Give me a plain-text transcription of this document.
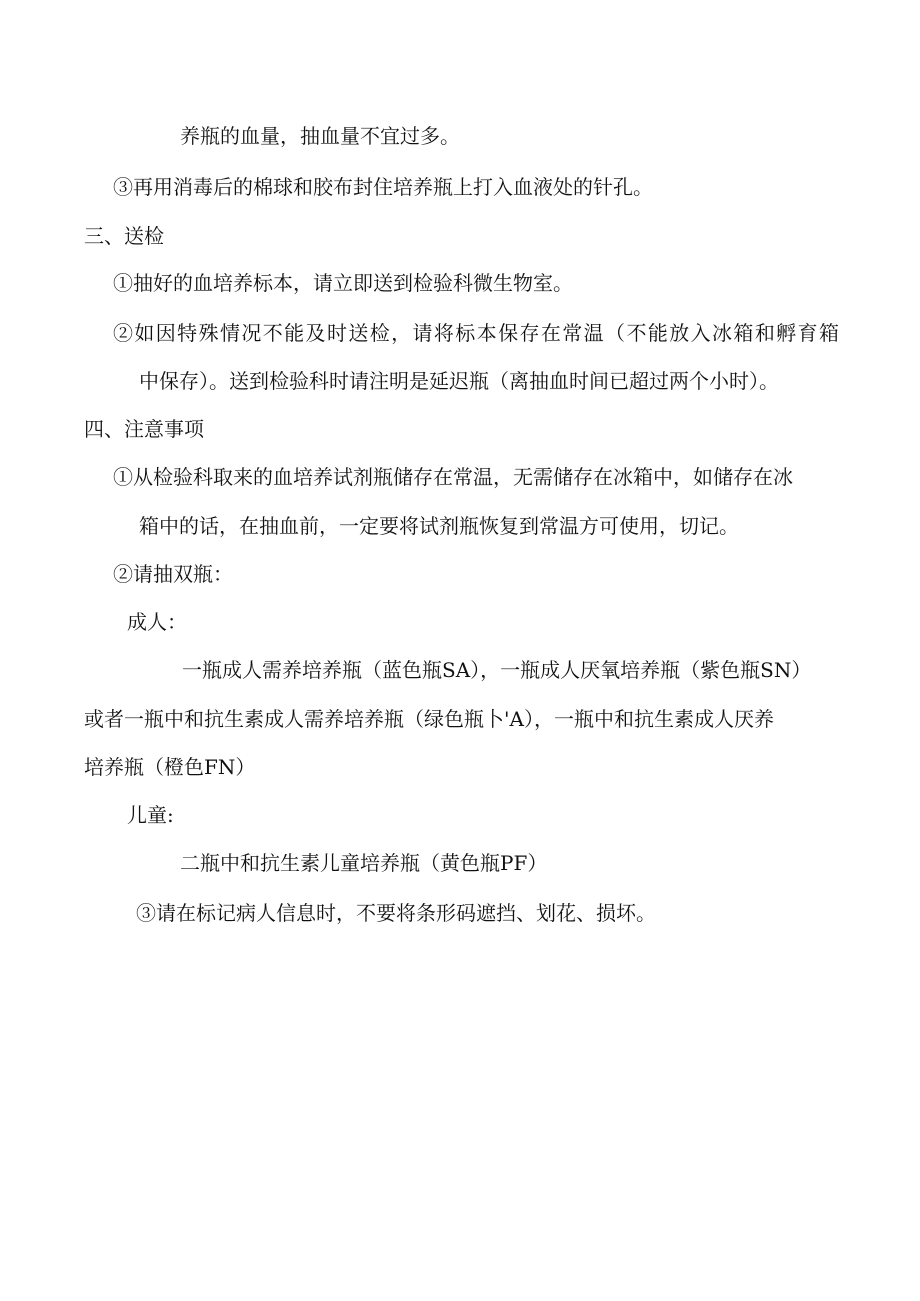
养瓶的血量，抽血量不宜过多。
③再用消毒后的棉球和胶布封住培养瓶上打入血液处的针孔。
三、送检
①抽好的血培养标本，请立即送到检验科微生物室。
②如因特殊情况不能及时送检，请将标本保存在常温（不能放入冰箱和孵育箱
中保存）。送到检验科时请注明是延迟瓶（离抽血时间已超过两个小时）。
四、注意事项
①从检验科取来的血培养试剂瓶储存在常温，无需储存在冰箱中，如储存在冰
箱中的话，在抽血前，一定要将试剂瓶恢复到常温方可使用，切记。
②请抽双瓶：
成人：
一瓶成人需养培养瓶（蓝色瓶SA），一瓶成人厌氧培养瓶（紫色瓶SN）
或者一瓶中和抗生素成人需养培养瓶（绿色瓶卜'A），一瓶中和抗生素成人厌养
培养瓶（橙色FN）
儿童:
二瓶中和抗生素儿童培养瓶（黄色瓶PF）
③请在标记病人信息时，不要将条形码遮挡、划花、损坏。
